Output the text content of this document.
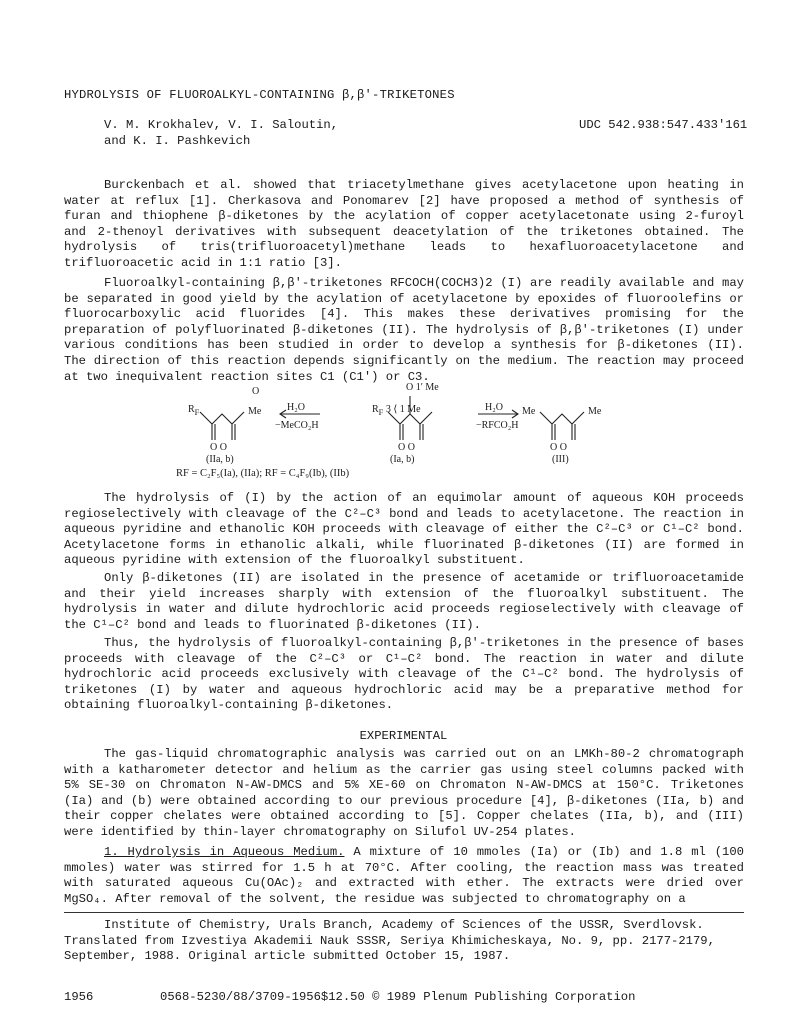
HYDROLYSIS OF FLUOROALKYL-CONTAINING β,β'-TRIKETONES
V. M. Krokhalev, V. I. Saloutin,
and K. I. Pashkevich
UDC 542.938:547.433'161

Burckenbach et al. showed that triacetylmethane gives acetylacetone upon heating in water at reflux [1]. Cherkasova and Ponomarev [2] have proposed a method of synthesis of furan and thiophene β-diketones by the acylation of copper acetylacetonate using 2-furoyl and 2-thenoyl derivatives with subsequent deacetylation of the triketones obtained. The hydrolysis of tris(trifluoroacetyl)methane leads to hexafluoroacetylacetone and trifluoroacetic acid in 1:1 ratio [3].

Fluoroalkyl-containing β,β'-triketones RFCOCH(COCH3)2 (I) are readily available and may be separated in good yield by the acylation of acetylacetone by epoxides of fluoroolefins or fluorocarboxylic acid fluorides [4]. This makes these derivatives promising for the preparation of polyfluorinated β-diketones (II). The hydrolysis of β,β'-triketones (I) under various conditions has been studied in order to develop a synthesis for β-diketones (II). The direction of this reaction depends significantly on the medium. The reaction may proceed at two inequivalent reaction sites C1 (C1') or C3.

O	O 1′ Me
$R_F$	Me	H₂O
−MeCO₂H
$R_F$ 3 ⟨ 1 Me	H₂O
−RFCO₂H
Me	Me
O O	O O	O O
(IIa, b)	(Ia, b)	(III)
RF = C₂F₅(Ia), (IIa); RF = C₄F₉(Ib), (IIb)

The hydrolysis of (I) by the action of an equimolar amount of aqueous KOH proceeds regioselectively with cleavage of the C²–C³ bond and leads to acetylacetone. The reaction in aqueous pyridine and ethanolic KOH proceeds with cleavage of either the C²–C³ or C¹–C² bond. Acetylacetone forms in ethanolic alkali, while fluorinated β-diketones (II) are formed in aqueous pyridine with extension of the fluoroalkyl substituent.

Only β-diketones (II) are isolated in the presence of acetamide or trifluoroacetamide and their yield increases sharply with extension of the fluoroalkyl substituent. The hydrolysis in water and dilute hydrochloric acid proceeds regioselectively with cleavage of the C¹–C² bond and leads to fluorinated β-diketones (II).

Thus, the hydrolysis of fluoroalkyl-containing β,β'-triketones in the presence of bases proceeds with cleavage of the C²–C³ or C¹–C² bond. The reaction in water and dilute hydrochloric acid proceeds exclusively with cleavage of the C¹–C² bond. The hydrolysis of triketones (I) by water and aqueous hydrochloric acid may be a preparative method for obtaining fluoroalkyl-containing β-diketones.

EXPERIMENTAL

The gas-liquid chromatographic analysis was carried out on an LMKh-80-2 chromatograph with a katharometer detector and helium as the carrier gas using steel columns packed with 5% SE-30 on Chromaton N-AW-DMCS and 5% XE-60 on Chromaton N-AW-DMCS at 150°C. Triketones (Ia) and (b) were obtained according to our previous procedure [4], β-diketones (IIa, b) and their copper chelates were obtained according to [5]. Copper chelates (IIa, b), and (III) were identified by thin-layer chromatography on Silufol UV-254 plates.

1. Hydrolysis in Aqueous Medium. A mixture of 10 mmoles (Ia) or (Ib) and 1.8 ml (100 mmoles) water was stirred for 1.5 h at 70°C. After cooling, the reaction mass was treated with saturated aqueous Cu(OAc)₂ and extracted with ether. The extracts were dried over MgSO₄. After removal of the solvent, the residue was subjected to chromatography on a

Institute of Chemistry, Urals Branch, Academy of Sciences of the USSR, Sverdlovsk. Translated from Izvestiya Akademii Nauk SSSR, Seriya Khimicheskaya, No. 9, pp. 2177-2179, September, 1988. Original article submitted October 15, 1987.

1956	0568-5230/88/3709-1956$12.50 © 1989 Plenum Publishing Corporation
